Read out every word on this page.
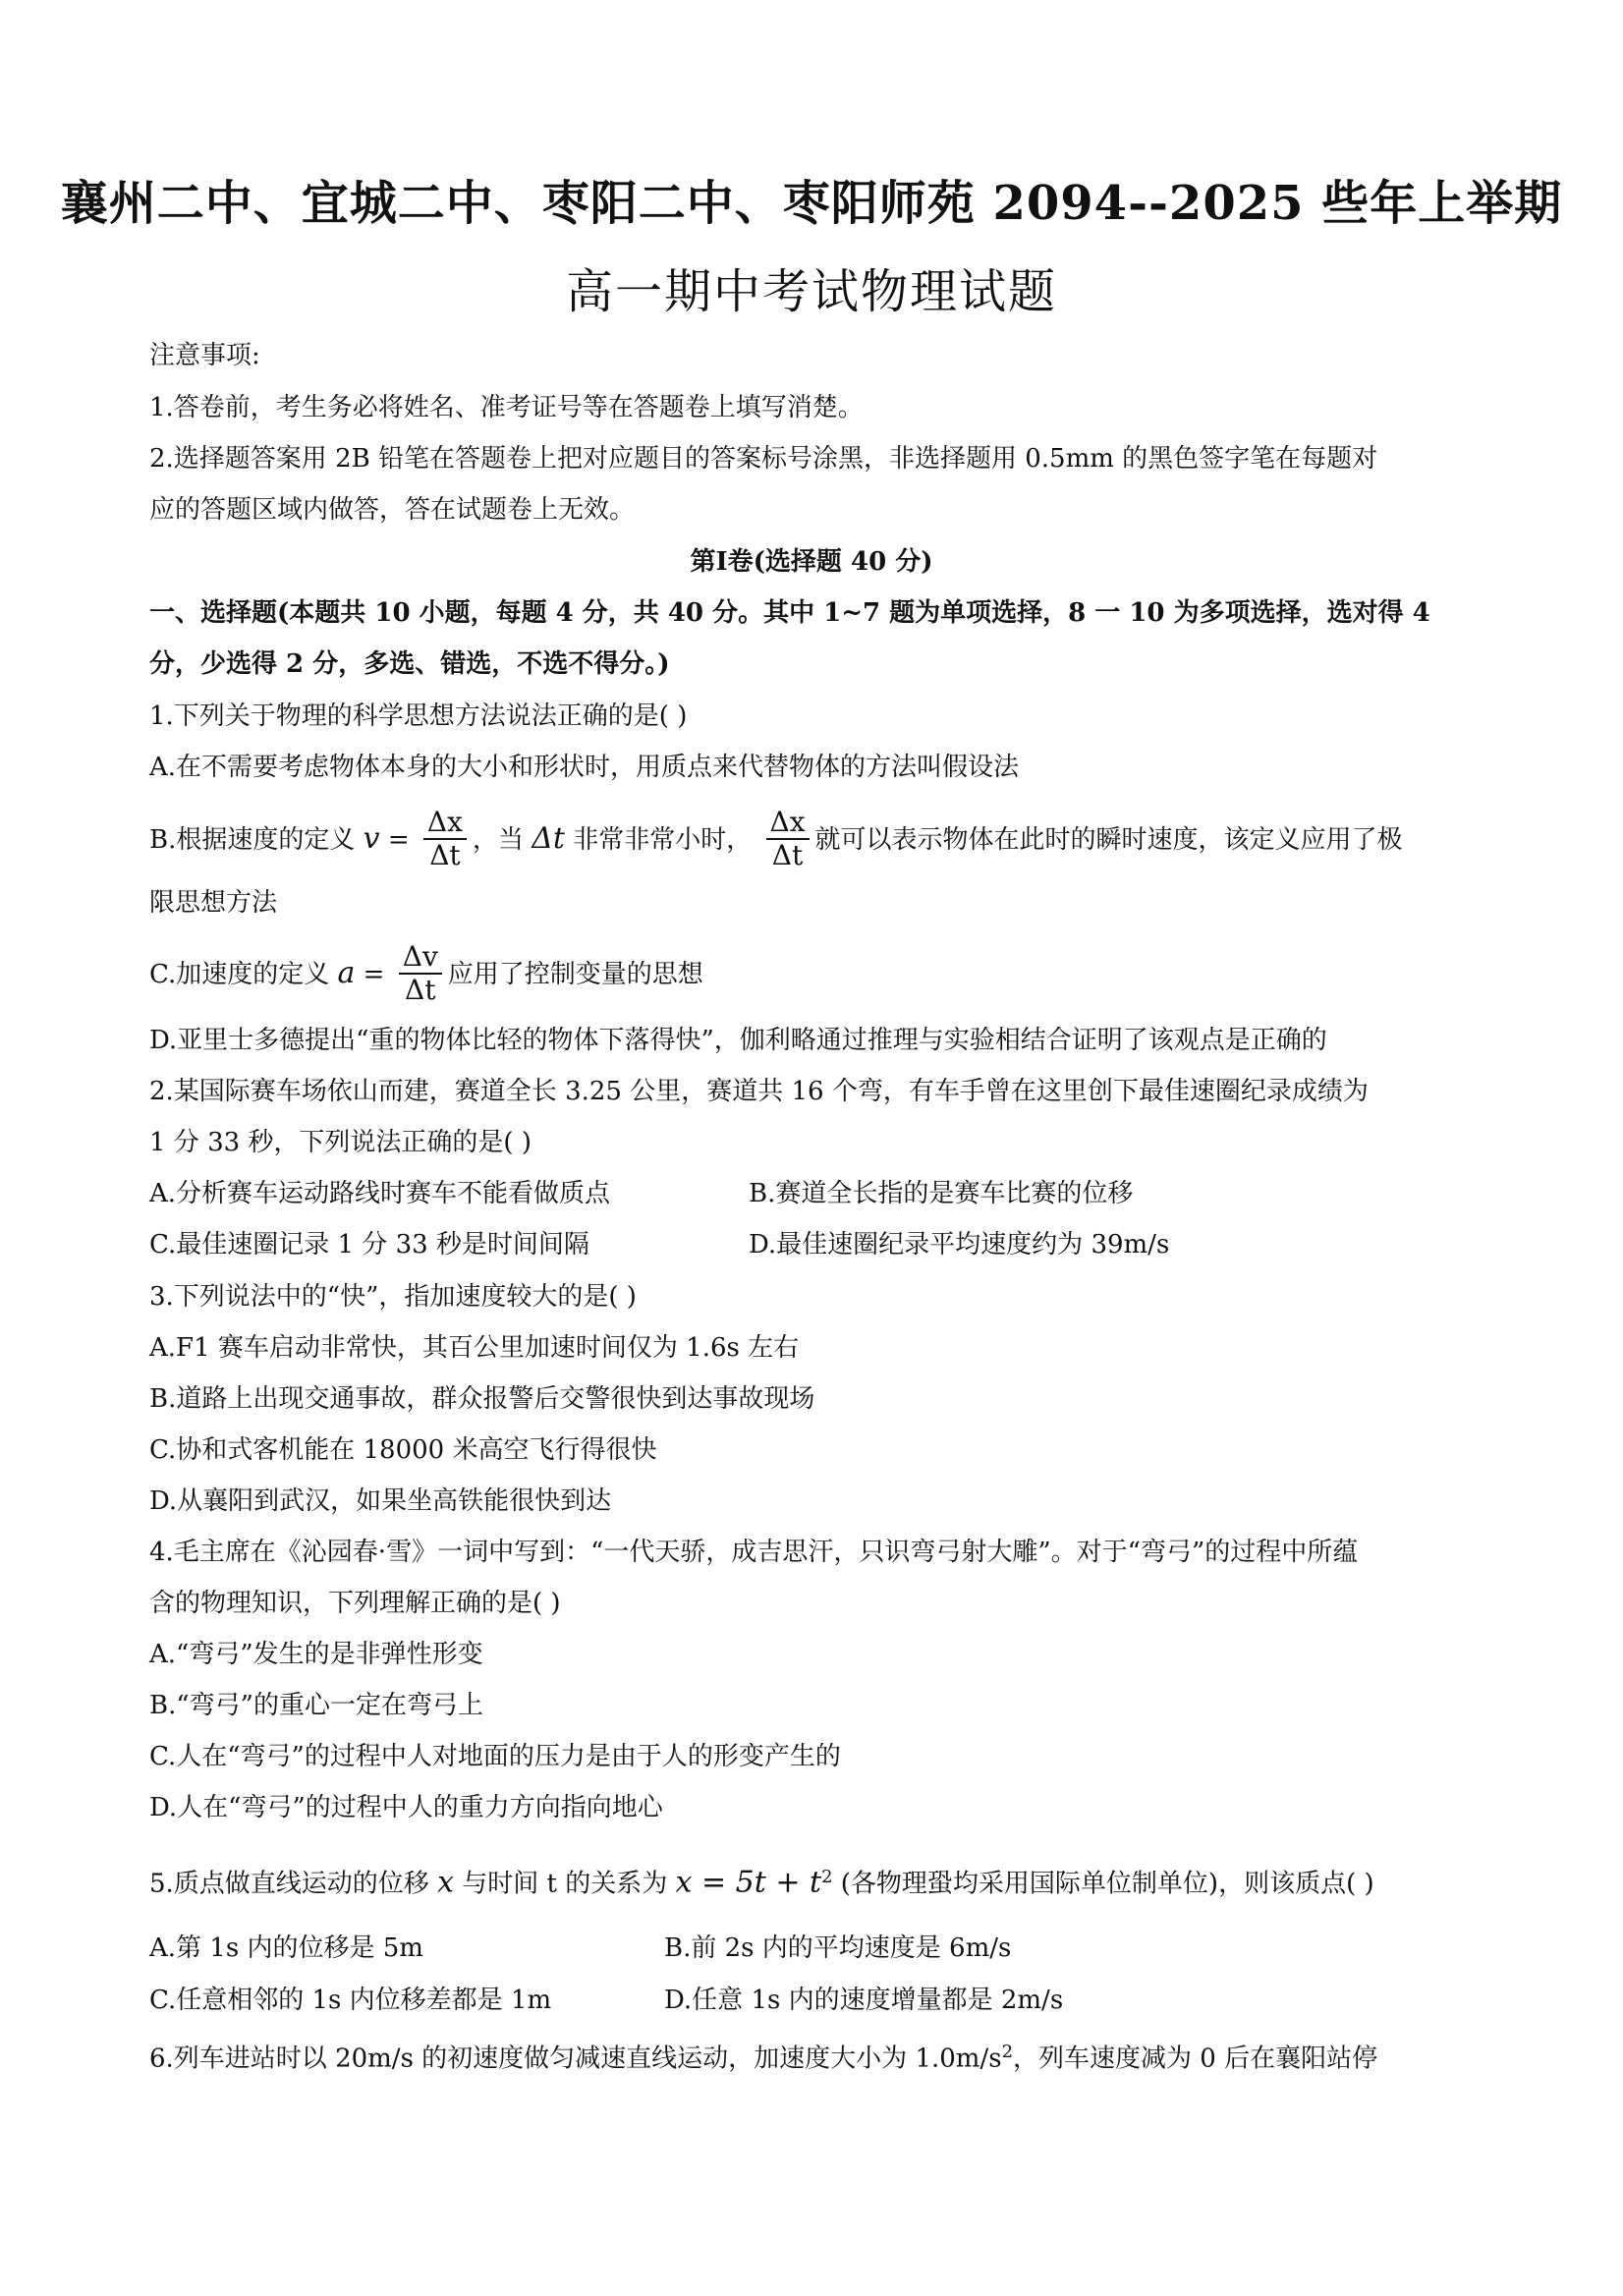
襄州二中、宜城二中、枣阳二中、枣阳师苑 2094--2025 些年上举期
高一期中考试物理试题
注意事项:
1.答卷前，考生务必将姓名、准考证号等在答题卷上填写消楚。
2.选择题答案用 2B 铅笔在答题卷上把对应题目的答案标号涂黑，非选择题用 0.5mm 的黑色签字笔在每题对
应的答题区域内做答，答在试题卷上无效。
第Ⅰ卷(选择题 40 分)
一、选择题(本题共 10 小题，每题 4 分，共 40 分。其中 1~7 题为单项选择，8 一 10 为多项选择，选对得 4
分，少选得 2 分，多选、错选，不选不得分。)
1.下列关于物理的科学思想方法说法正确的是( )
A.在不需要考虑物体本身的大小和形状时，用质点来代替物体的方法叫假设法
B.根据速度的定义 $v = \frac{\Delta x}{\Delta t}$ ，当 Δt 非常非常小时， $\frac{\Delta x}{\Delta t}$ 就可以表示物体在此时的瞬时速度，该定义应用了极
限思想方法
C.加速度的定义 $a = \frac{\Delta v}{\Delta t}$ 应用了控制变量的思想
D.亚里士多德提出“重的物体比轻的物体下落得快”，伽利略通过推理与实验相结合证明了该观点是正确的
2.某国际赛车场依山而建，赛道全长 3.25 公里，赛道共 16 个弯，有车手曾在这里创下最佳速圈纪录成绩为
1 分 33 秒，下列说法正确的是( )
A.分析赛车运动路线时赛车不能看做质点	B.赛道全长指的是赛车比赛的位移
C.最佳速圈记录 1 分 33 秒是时间间隔	D.最佳速圈纪录平均速度约为 39m/s
3.下列说法中的“快”，指加速度较大的是( )
A.F1 赛车启动非常快，其百公里加速时间仅为 1.6s 左右
B.道路上出现交通事故，群众报警后交警很快到达事故现场
C.协和式客机能在 18000 米高空飞行得很快
D.从襄阳到武汉，如果坐高铁能很快到达
4.毛主席在《沁园春·雪》一词中写到：“一代天骄，成吉思汗，只识弯弓射大雕”。对于“弯弓”的过程中所蕴
含的物理知识，下列理解正确的是( )
A.“弯弓”发生的是非弹性形变
B.“弯弓”的重心一定在弯弓上
C.人在“弯弓”的过程中人对地面的压力是由于人的形变产生的
D.人在“弯弓”的过程中人的重力方向指向地心
5.质点做直线运动的位移 x 与时间 t 的关系为 $x = 5t + t^2$ (各物理蛩均采用国际单位制单位)，则该质点( )
A.第 1s 内的位移是 5m	B.前 2s 内的平均速度是 6m/s
C.任意相邻的 1s 内位移差都是 1m	D.任意 1s 内的速度增量都是 2m/s
6.列车进站时以 20m/s 的初速度做匀减速直线运动，加速度大小为 $1.0m/s^2$，列车速度减为 0 后在襄阳站停
